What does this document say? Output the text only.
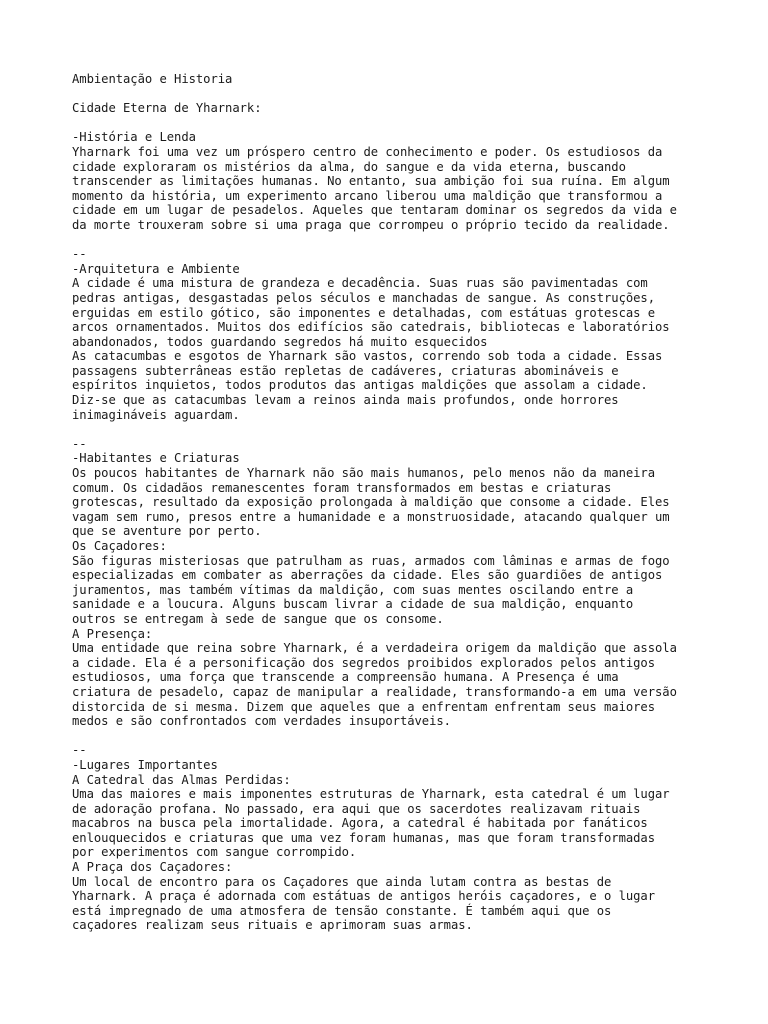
Ambientação e Historia
Cidade Eterna de Yharnark:
-História e Lenda
Yharnark foi uma vez um próspero centro de conhecimento e poder. Os estudiosos da
cidade exploraram os mistérios da alma, do sangue e da vida eterna, buscando
transcender as limitações humanas. No entanto, sua ambição foi sua ruína. Em algum
momento da história, um experimento arcano liberou uma maldição que transformou a
cidade em um lugar de pesadelos. Aqueles que tentaram dominar os segredos da vida e
da morte trouxeram sobre si uma praga que corrompeu o próprio tecido da realidade.
--
-Arquitetura e Ambiente
A cidade é uma mistura de grandeza e decadência. Suas ruas são pavimentadas com
pedras antigas, desgastadas pelos séculos e manchadas de sangue. As construções,
erguidas em estilo gótico, são imponentes e detalhadas, com estátuas grotescas e
arcos ornamentados. Muitos dos edifícios são catedrais, bibliotecas e laboratórios
abandonados, todos guardando segredos há muito esquecidos
As catacumbas e esgotos de Yharnark são vastos, correndo sob toda a cidade. Essas
passagens subterrâneas estão repletas de cadáveres, criaturas abomináveis e
espíritos inquietos, todos produtos das antigas maldições que assolam a cidade.
Diz-se que as catacumbas levam a reinos ainda mais profundos, onde horrores
inimagináveis aguardam.
--
-Habitantes e Criaturas
Os poucos habitantes de Yharnark não são mais humanos, pelo menos não da maneira
comum. Os cidadãos remanescentes foram transformados em bestas e criaturas
grotescas, resultado da exposição prolongada à maldição que consome a cidade. Eles
vagam sem rumo, presos entre a humanidade e a monstruosidade, atacando qualquer um
que se aventure por perto.
Os Caçadores:
São figuras misteriosas que patrulham as ruas, armados com lâminas e armas de fogo
especializadas em combater as aberrações da cidade. Eles são guardiões de antigos
juramentos, mas também vítimas da maldição, com suas mentes oscilando entre a
sanidade e a loucura. Alguns buscam livrar a cidade de sua maldição, enquanto
outros se entregam à sede de sangue que os consome.
A Presença:
Uma entidade que reina sobre Yharnark, é a verdadeira origem da maldição que assola
a cidade. Ela é a personificação dos segredos proibidos explorados pelos antigos
estudiosos, uma força que transcende a compreensão humana. A Presença é uma
criatura de pesadelo, capaz de manipular a realidade, transformando-a em uma versão
distorcida de si mesma. Dizem que aqueles que a enfrentam enfrentam seus maiores
medos e são confrontados com verdades insuportáveis.
--
-Lugares Importantes
A Catedral das Almas Perdidas:
Uma das maiores e mais imponentes estruturas de Yharnark, esta catedral é um lugar
de adoração profana. No passado, era aqui que os sacerdotes realizavam rituais
macabros na busca pela imortalidade. Agora, a catedral é habitada por fanáticos
enlouquecidos e criaturas que uma vez foram humanas, mas que foram transformadas
por experimentos com sangue corrompido.
A Praça dos Caçadores:
Um local de encontro para os Caçadores que ainda lutam contra as bestas de
Yharnark. A praça é adornada com estátuas de antigos heróis caçadores, e o lugar
está impregnado de uma atmosfera de tensão constante. É também aqui que os
caçadores realizam seus rituais e aprimoram suas armas.
